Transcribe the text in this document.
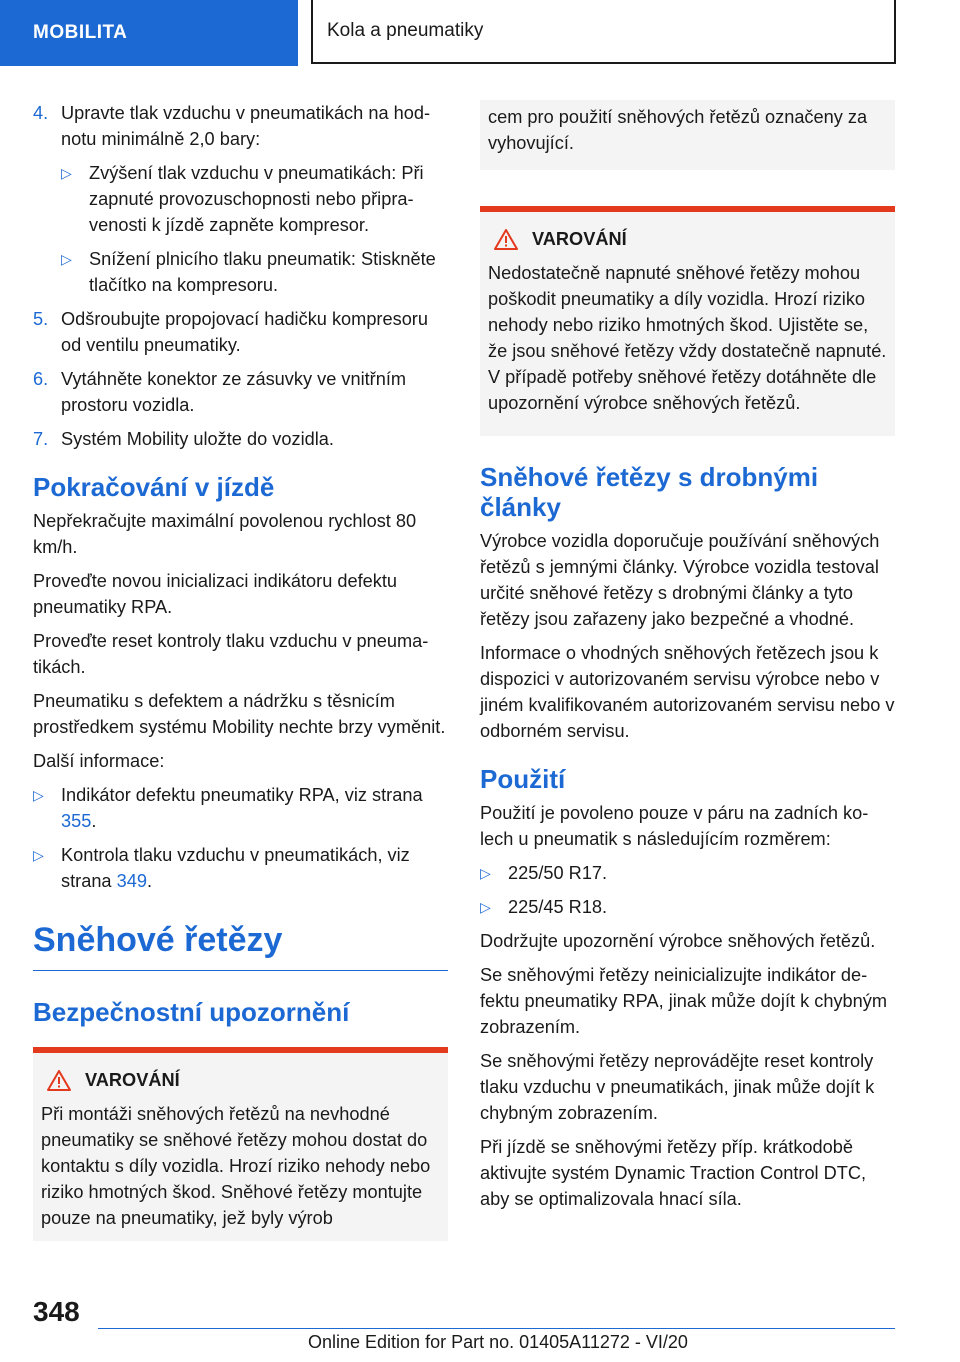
MOBILITA	Kola a pneumatiky
4. Upravte tlak vzduchu v pneumatikách na hodnotu minimálně 2,0 bary:
▷ Zvýšení tlak vzduchu v pneumatikách: Při zapnuté provozuschopnosti nebo připravenosti k jízdě zapněte kompresor.
▷ Snížení plnicího tlaku pneumatik: Stiskněte tlačítko na kompresoru.
5. Odšroubujte propojovací hadičku kompresoru od ventilu pneumatiky.
6. Vytáhněte konektor ze zásuvky ve vnitřním prostoru vozidla.
7. Systém Mobility uložte do vozidla.
Pokračování v jízdě

Nepřekračujte maximální povolenou rychlost 80 km/h.

Proveďte novou inicializaci indikátoru defektu pneumatiky RPA.

Proveďte reset kontroly tlaku vzduchu v pneumatikách.

Pneumatiku s defektem a nádržku s těsnicím prostředkem systému Mobility nechte brzy vyměnit.

Další informace:

▷ Indikátor defektu pneumatiky RPA, viz strana 355.
▷ Kontrola tlaku vzduchu v pneumatikách, viz strana 349.
Sněhové řetězy
Bezpečnostní upozornění
VAROVÁNÍ
Při montáži sněhových řetězů na nevhodné pneumatiky se sněhové řetězy mohou dostat do kontaktu s díly vozidla. Hrozí riziko nehody nebo riziko hmotných škod. Sněhové řetězy montujte pouze na pneumatiky, jež byly výrob
cem pro použití sněhových řetězů označeny za vyhovující.
VAROVÁNÍ
Nedostatečně napnuté sněhové řetězy mohou poškodit pneumatiky a díly vozidla. Hrozí riziko nehody nebo riziko hmotných škod. Ujistěte se, že jsou sněhové řetězy vždy dostatečně napnuté. V případě potřeby sněhové řetězy dotáhněte dle upozornění výrobce sněhových řetězů.
Sněhové řetězy s drobnými články

Výrobce vozidla doporučuje používání sněhových řetězů s jemnými články. Výrobce vozidla testoval určité sněhové řetězy s drobnými články a tyto řetězy jsou zařazeny jako bezpečné a vhodné.

Informace o vhodných sněhových řetězech jsou k dispozici v autorizovaném servisu výrobce nebo v jiném kvalifikovaném autorizovaném servisu nebo v odborném servisu.

Použití

Použití je povoleno pouze v páru na zadních kolech u pneumatik s následujícím rozměrem:

▷ 225/50 R17.
▷ 225/45 R18.

Dodržujte upozornění výrobce sněhových řetězů.

Se sněhovými řetězy neinicializujte indikátor defektu pneumatiky RPA, jinak může dojít k chybným zobrazením.

Se sněhovými řetězy neprovádějte reset kontroly tlaku vzduchu v pneumatikách, jinak může dojít k chybným zobrazením.

Při jízdě se sněhovými řetězy příp. krátkodobě aktivujte systém Dynamic Traction Control DTC, aby se optimalizovala hnací síla.

348
Online Edition for Part no. 01405A11272 - VI/20
